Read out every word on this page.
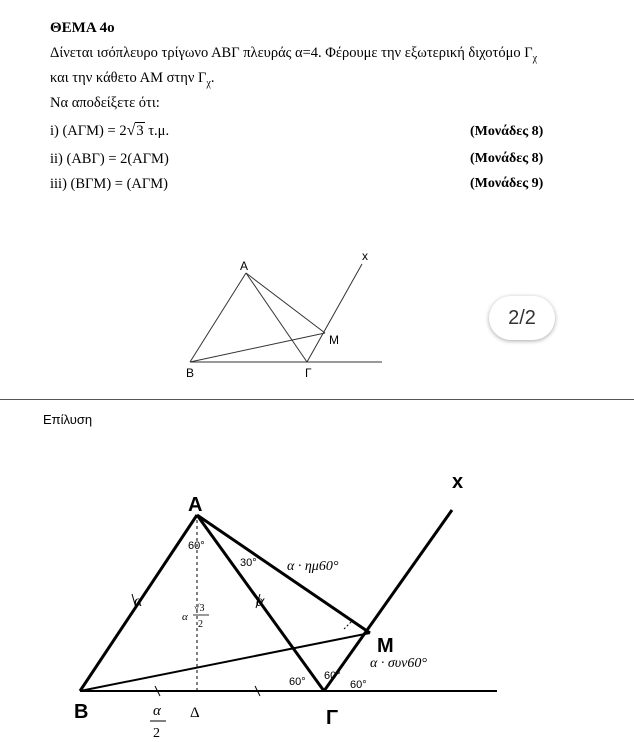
ΘΕΜΑ 4ο
Δίνεται ισόπλευρο τρίγωνο ΑΒΓ πλευράς α=4. Φέρουμε την εξωτερική διχοτόμο $\Gamma_\chi$
και την κάθετο ΑΜ στην $\Gamma_\chi$.
Να αποδείξετε ότι:
i) (ΑΓΜ) = 2√3 τ.μ.	(Μονάδες 8)
ii) (ΑΒΓ) = 2(ΑΓΜ)	(Μονάδες 8)
iii) (ΒΓΜ) = (ΑΓΜ)	(Μονάδες 9)
A
B	Γ
M
x
2/2
Επίλυση
A
B	Γ
M
x
Δ
α	α
60°
30°
60° 60°
60°
α · ημ60°
α · συν60°
α
√3
2
α
2
